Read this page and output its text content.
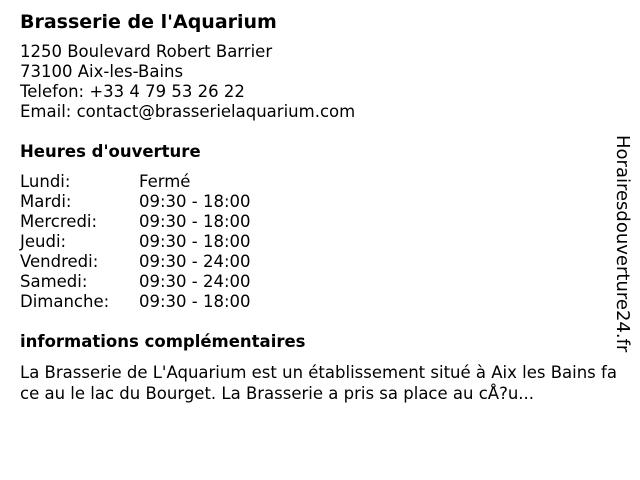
Brasserie de l'Aquarium
1250 Boulevard Robert Barrier
73100 Aix-les-Bains
Telefon: +33 4 79 53 26 22
Email: contact@brasserielaquarium.com
Heures d'ouverture
Lundi:	Fermé
Mardi:	09:30 - 18:00
Mercredi:	09:30 - 18:00
Jeudi:	09:30 - 18:00
Vendredi:	09:30 - 24:00
Samedi:	09:30 - 24:00
Dimanche:	09:30 - 18:00
informations complémentaires
La Brasserie de L'Aquarium est un établissement situé à Aix les Bains face au le lac du Bourget. La Brasserie a pris sa place au cÅ?u...
Horairesdouverture24.fr
